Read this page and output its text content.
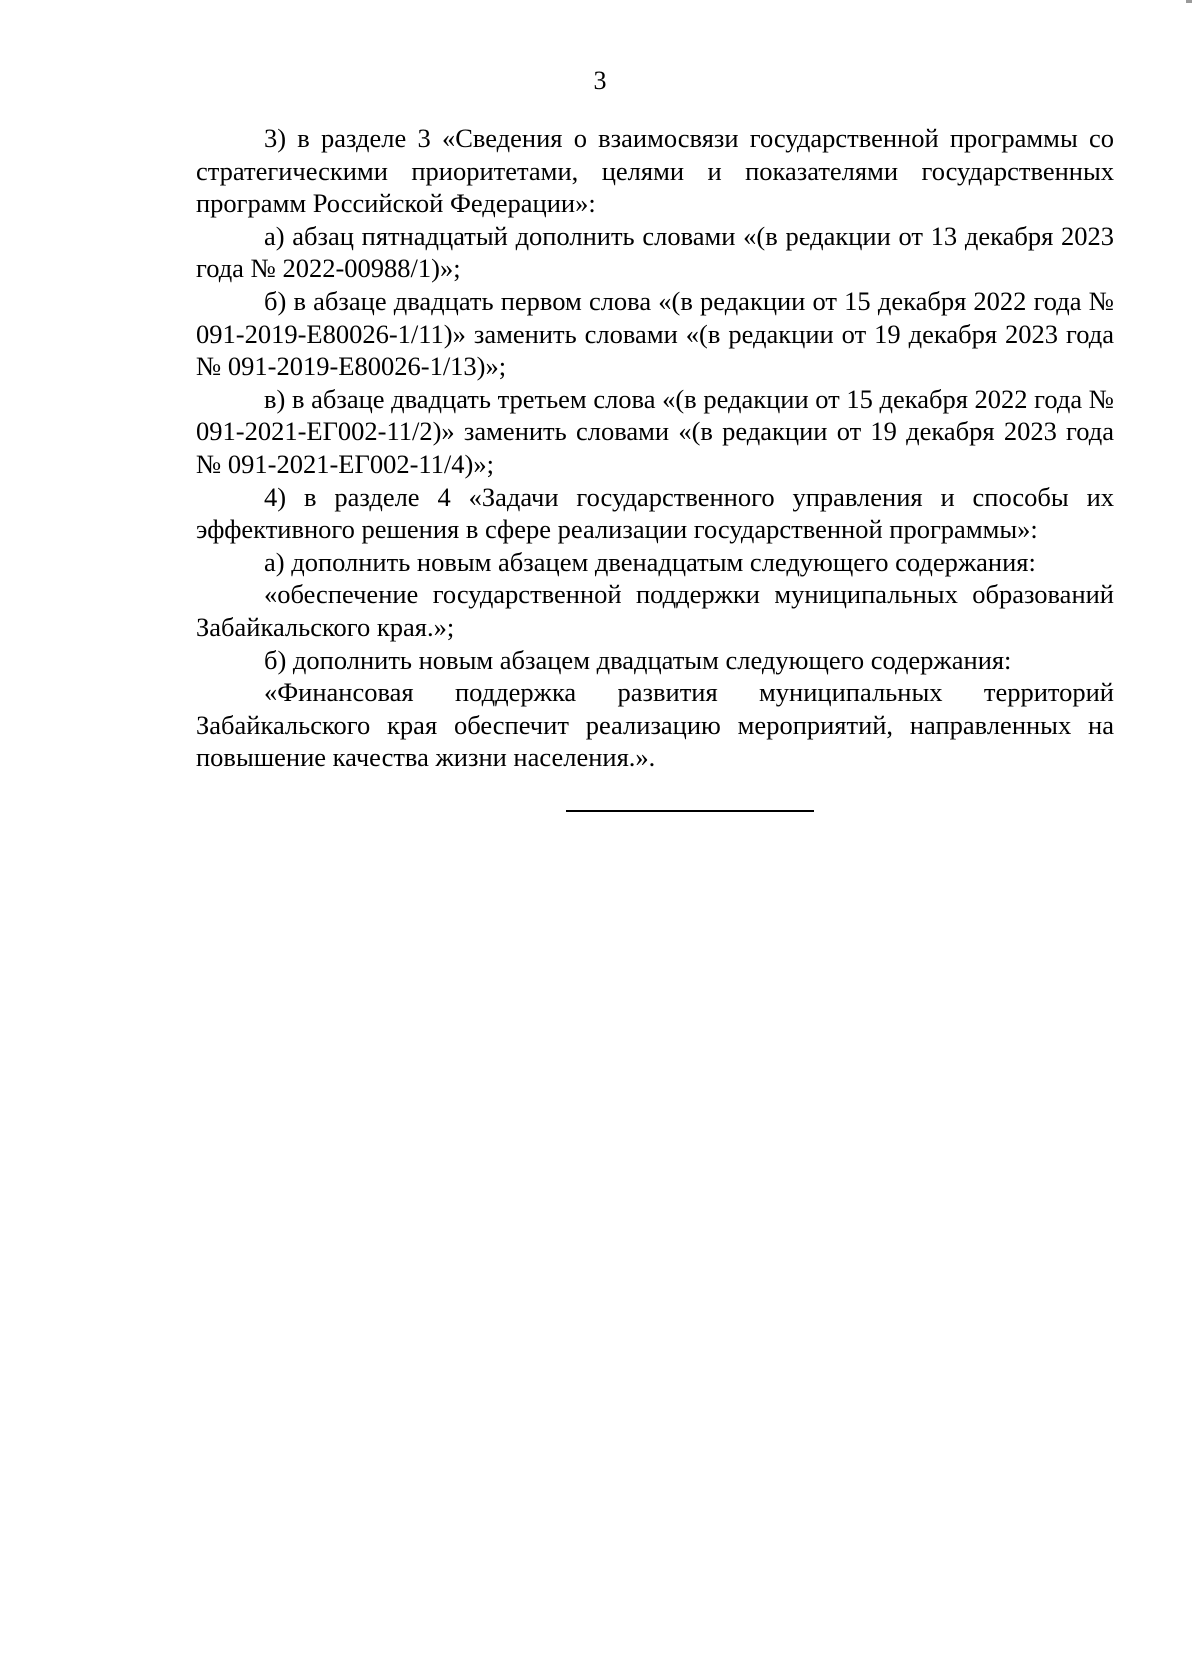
3

3) в разделе 3 «Сведения о взаимосвязи государственной программы со стратегическими приоритетами, целями и показателями государственных программ Российской Федерации»:

а) абзац пятнадцатый дополнить словами «(в редакции от 13 декабря 2023 года № 2022-00988/1)»;

б) в абзаце двадцать первом слова «(в редакции от 15 декабря 2022 года № 091-2019-Е80026-1/11)» заменить словами «(в редакции от 19 декабря 2023 года № 091-2019-Е80026-1/13)»;

в) в абзаце двадцать третьем слова «(в редакции от 15 декабря 2022 года № 091-2021-ЕГ002-11/2)» заменить словами «(в редакции от 19 декабря 2023 года № 091-2021-ЕГ002-11/4)»;

4) в разделе 4 «Задачи государственного управления и способы их эффективного решения в сфере реализации государственной программы»:

а) дополнить новым абзацем двенадцатым следующего содержания:

«обеспечение государственной поддержки муниципальных образований Забайкальского края.»;

б) дополнить новым абзацем двадцатым следующего содержания:

«Финансовая поддержка развития муниципальных территорий Забайкальского края обеспечит реализацию мероприятий, направленных на повышение качества жизни населения.».
